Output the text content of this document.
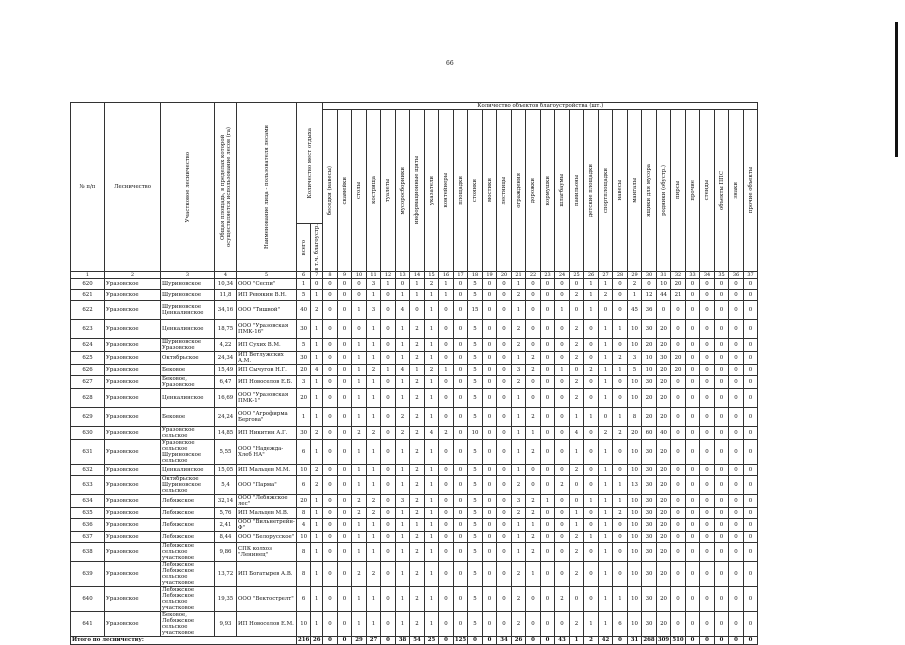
66
№ п/п	Лесничество	Участковое лесничество	Общая площадь, в пределах которой осуществляется использование лесов (га)	Наименование лица - пользователя лесами	Количество мест отдыха		Количество объектов благоустройства (шт.)																													

							беседки (навесы)	скамейки	столы	кострища	туалеты	мусоросборники	информационные щиты	указатели	контейнеры	площадки	стоянки	мостики	лестницы	ограждения	дорожки	кормушки	шлагбаумы	павильоны	детские площадки	спортплощадки	навесы	мангалы	ящики для мусора	родники (обустр.)	пирсы	прочие	стенды	объекты ППС	знаки	прочие объекты

					всего	в т.ч. благоустр.																														

1	2	3	4	5	6	7	8	9	10	11	12	13	14	15	16	17	18	19	20	21	22	23	24	25	26	27	28	29	30	31	32	33	34	35	36	37
620	Уразовское	Шуриновское	10,34	ООО "Сеспи"	1	0	0	0	0	3	1	0	1	2	1	0	5	0	0	1	0	0	0	0	1	1	0	2	0	10	20	0	0	0	0	0
621	Уразовское	Шуриновское	11,8	ИП Ревякин В.Н.	5	1	0	0	0	1	0	1	1	1	1	0	5	0	0	2	0	0	0	2	1	2	0	1	12	44	21	0	0	0	0	0
622	Уразовское	Шуриновское Ценкалинское	34,16	ООО "Тишвой"	40	2	0	0	1	3	0	4	0	1	0	0	15	0	0	1	0	0	1	0	1	0	0	45	36	0	0	0	0	0	0	0
623	Уразовское	Ценкалинское	18,75	ООО "Уразовская ПМК-16"	30	1	0	0	0	1	0	1	2	1	0	0	5	0	0	2	0	0	0	2	0	1	1	10	30	20	0	0	0	0	0	0
624	Уразовское	Шуриновское Уразовское	4,22	ИП Сухих В.М.	5	1	0	0	1	1	0	1	2	1	0	0	5	0	0	2	0	0	0	2	0	1	0	10	20	20	0	0	0	0	0	0
625	Уразовское	Октябрьское	24,34	ИП Ветлужских А.М.	30	1	0	0	1	1	0	1	2	1	0	0	5	0	0	1	2	0	0	2	0	1	2	3	10	30	20	0	0	0	0	0
626	Уразовское	Бековое	15,49	ИП Сычугов Н.Г.	20	4	0	0	1	2	1	4	1	2	1	0	5	0	0	3	2	0	1	0	2	1	1	5	10	20	20	0	0	0	0	0
627	Уразовское	Бековое, Уразовское	6,47	ИП Новоселов Е.Б.	3	1	0	0	1	1	0	1	2	1	0	0	5	0	0	2	0	0	0	2	0	1	0	10	30	20	0	0	0	0	0	0
628	Уразовское	Ценкалинское	16,69	ООО "Уразовская ПМК-1"	20	1	0	0	1	1	0	1	2	1	0	0	5	0	0	1	0	0	0	2	0	1	0	10	20	20	0	0	0	0	0	0
629	Уразовское	Бековое	24,24	ООО "Агрофирма Бергова"	1	1	0	0	1	1	0	2	2	1	0	0	5	0	0	1	2	0	0	1	1	0	1	8	20	20	0	0	0	0	0	0
630	Уразовское	Уразовское сельское	14,85	ИП Никитин А.Г.	30	2	0	0	2	2	0	2	2	4	2	0	10	0	0	1	1	0	0	4	0	2	2	20	60	40	0	0	0	0	0	0
631	Уразовское	Уразовское сельское Шуриновское сельское	5,55	ООО "Надежда-Хлеб НА"	6	1	0	0	1	1	0	1	2	1	0	0	5	0	0	1	2	0	0	1	0	1	0	10	30	20	0	0	0	0	0	0
632	Уразовское	Ценкалинское	15,05	ИП Мальцев М.М.	10	2	0	0	1	1	0	1	2	1	0	0	5	0	0	1	0	0	0	2	0	1	0	10	30	20	0	0	0	0	0	0
633	Уразовское	Октябрьское Шуриновское сельское	5,4	ООО "Парма"	6	2	0	0	1	1	0	1	2	1	0	0	5	0	0	2	0	0	2	0	0	1	1	13	30	20	0	0	0	0	0	0
634	Уразовское	Лебяжское	32,14	ООО "Лебяжское лес"	20	1	0	0	2	2	0	3	2	1	0	0	5	0	0	3	2	1	0	0	1	1	1	10	30	20	0	0	0	0	0	0
635	Уразовское	Лебяжское	5,76	ИП Мальцев М.В.	8	1	0	0	2	2	0	1	2	1	0	0	5	0	0	2	2	0	0	1	0	1	2	10	30	20	0	0	0	0	0	0
636	Уразовское	Лебяжское	2,41	ООО "Вильнетрейн-Ф"	4	1	0	0	1	1	0	1	1	1	0	0	5	0	0	1	1	0	0	1	0	1	0	10	30	20	0	0	0	0	0	0
637	Уразовское	Лебяжское	8,44	ООО "Белорусское"	10	1	0	0	1	1	0	1	2	1	0	0	5	0	0	1	2	0	0	2	1	1	0	10	30	20	0	0	0	0	0	0
638	Уразовское	Лебяжское сельское участковое	9,86	СПК колхоз "Ленинец"	8	1	0	0	1	1	0	1	2	1	0	0	5	0	0	1	2	0	0	2	0	1	0	10	30	20	0	0	0	0	0	0
639	Уразовское	Лебяжское Лебяжское сельское участковое	13,72	ИП Богатырев А.В.	8	1	0	0	2	2	0	1	2	1	0	0	5	0	0	2	1	0	0	2	0	1	0	10	30	20	0	0	0	0	0	0
640	Уразовское	Лебяжское Лебяжское сельское участковое	19,35	ООО "Вектострелт"	6	1	0	0	1	1	0	1	2	1	0	0	5	0	0	2	0	0	2	0	0	1	1	10	30	20	0	0	0	0	0	0
641	Уразовское	Бековое, Лебяжское сельское участковое	9,93	ИП Новоселов Е.М.	10	1	0	0	1	1	0	1	2	1	0	0	5	0	0	2	0	0	0	2	1	1	6	10	30	20	0	0	0	0	0	0
Итого по лесничеству:					216	26	0	0	29	27	0	38	54	25	0	125	0	0	34	26	0	0	43	1	2	42	0	31	268	309	510	0	0	0	0	0
